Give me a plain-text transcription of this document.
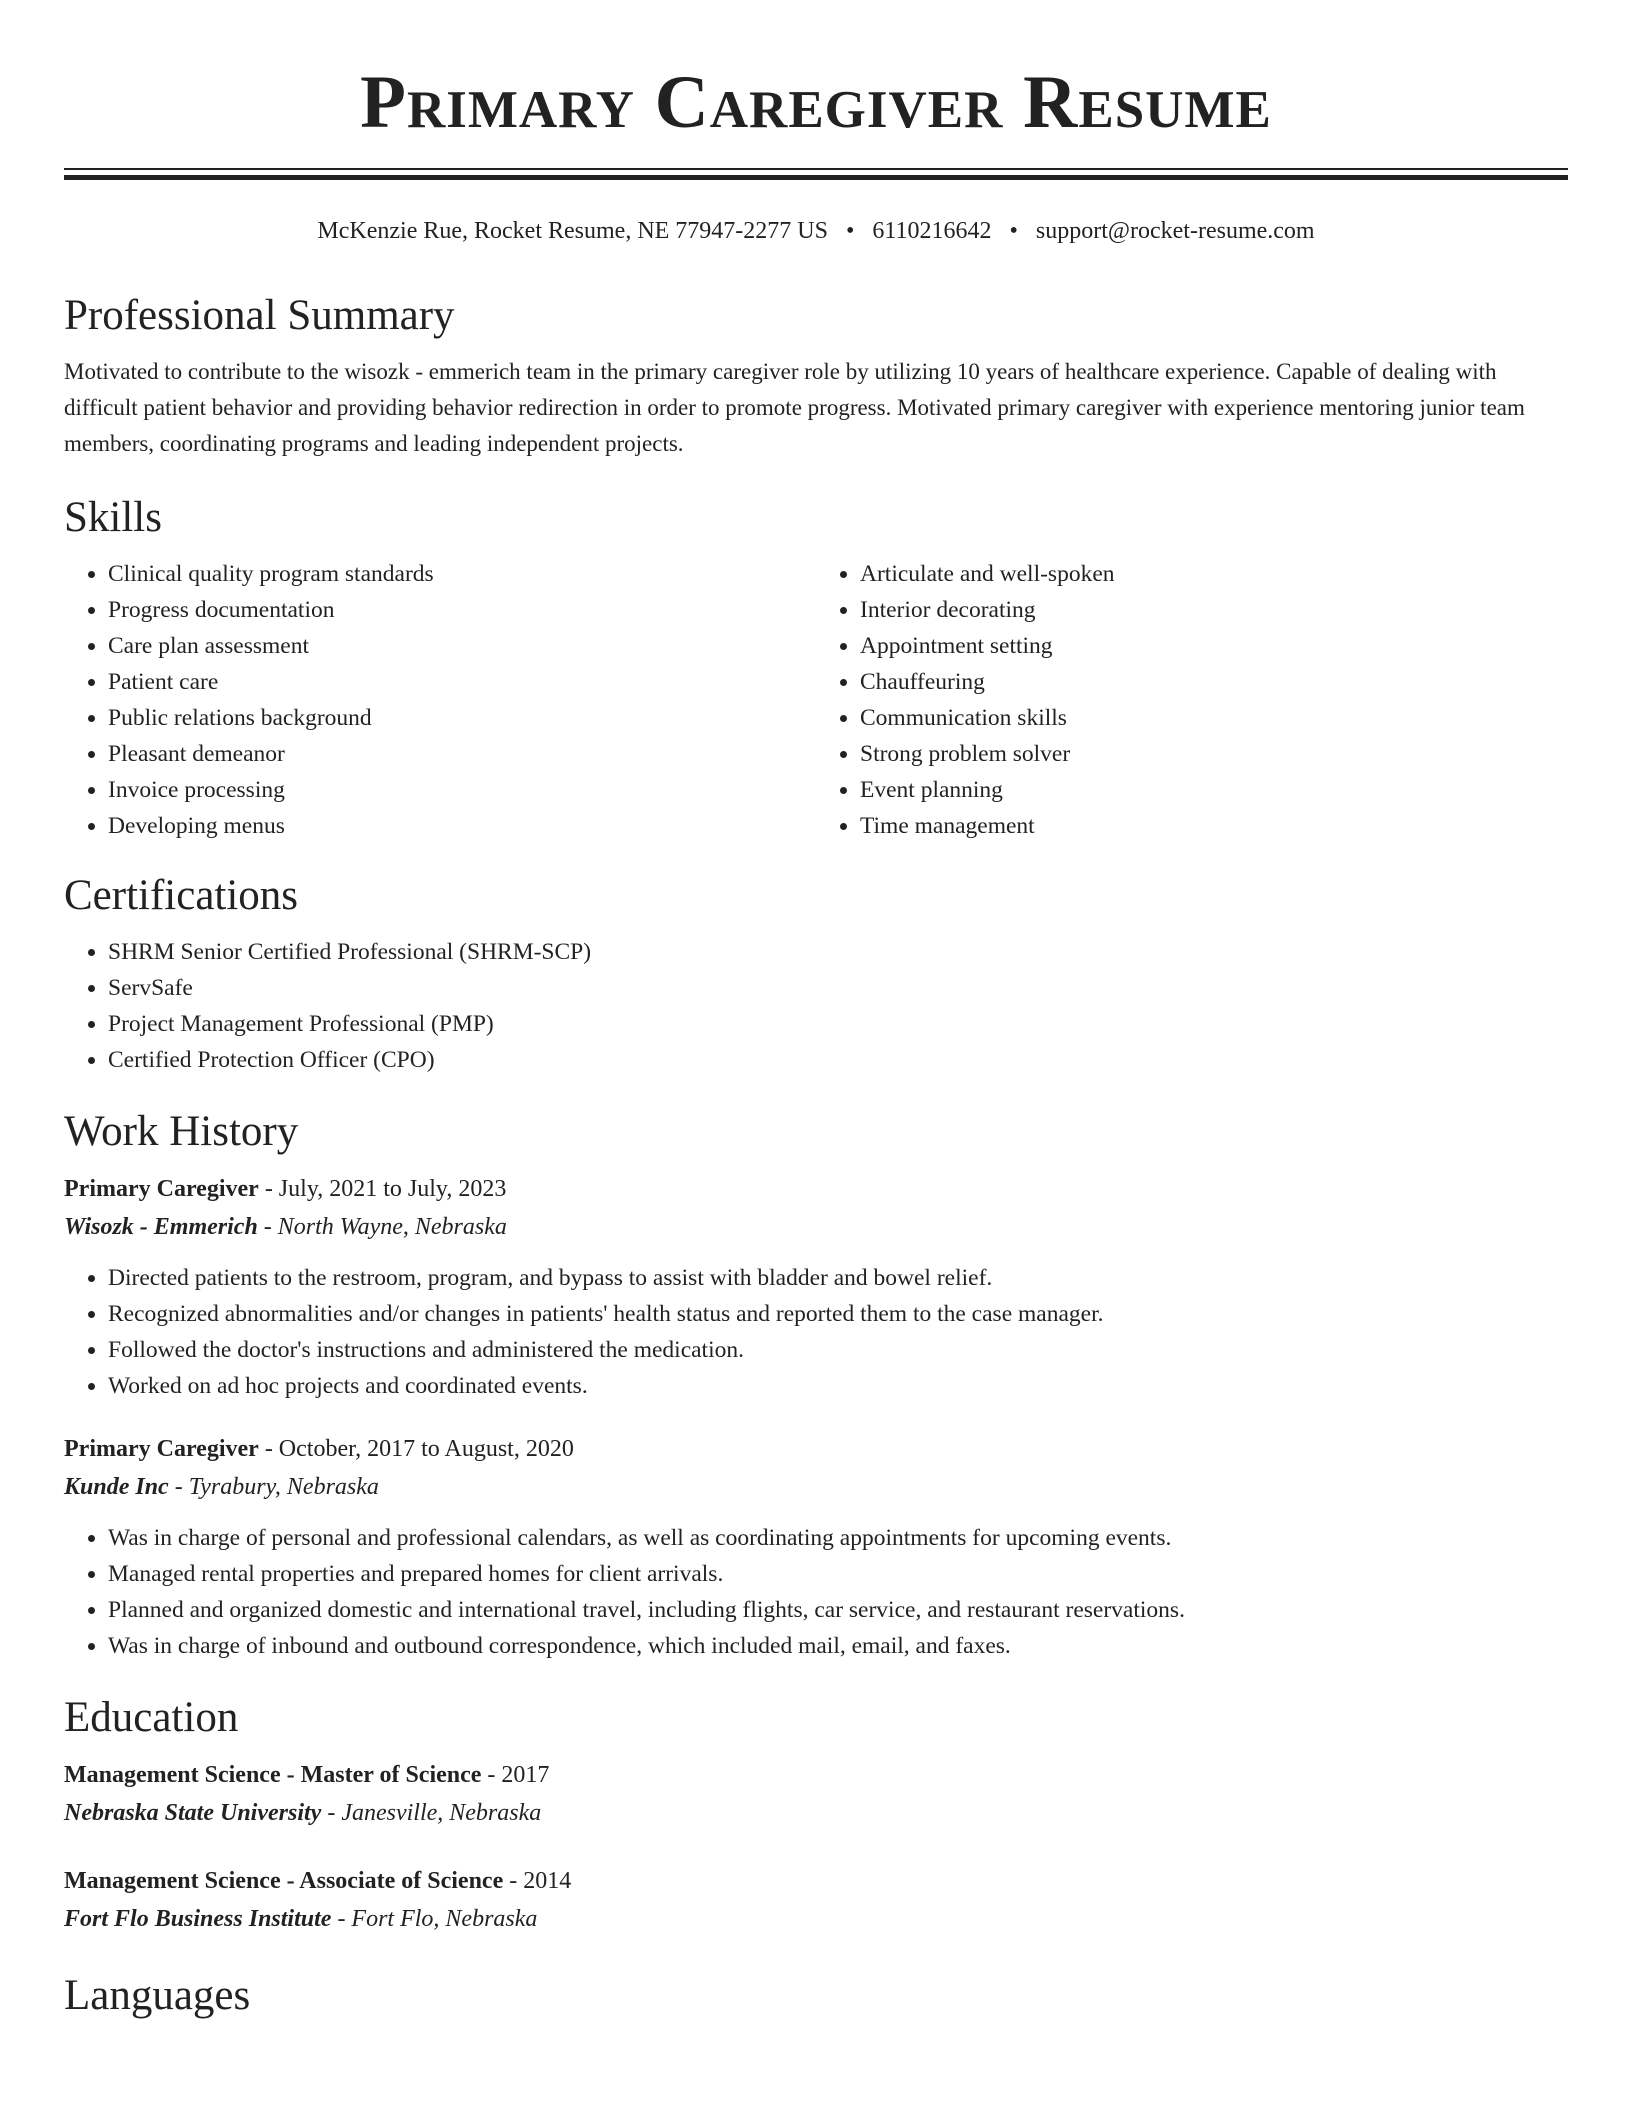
Primary Caregiver Resume
McKenzie Rue, Rocket Resume, NE 77947-2277 US • 6110216642 • support@rocket-resume.com
Professional Summary

Motivated to contribute to the wisozk - emmerich team in the primary caregiver role by utilizing 10 years of healthcare experience. Capable of dealing with difficult patient behavior and providing behavior redirection in order to promote progress. Motivated primary caregiver with experience mentoring junior team members, coordinating programs and leading independent projects.

Skills
• Clinical quality program standards
• Progress documentation
• Care plan assessment
• Patient care
• Public relations background
• Pleasant demeanor
• Invoice processing
• Developing menus
• Articulate and well-spoken
• Interior decorating
• Appointment setting
• Chauffeuring
• Communication skills
• Strong problem solver
• Event planning
• Time management
Certifications
• SHRM Senior Certified Professional (SHRM-SCP)
• ServSafe
• Project Management Professional (PMP)
• Certified Protection Officer (CPO)
Work History
Primary Caregiver - July, 2021 to July, 2023
Wisozk - Emmerich - North Wayne, Nebraska
• Directed patients to the restroom, program, and bypass to assist with bladder and bowel relief.
• Recognized abnormalities and/or changes in patients' health status and reported them to the case manager.
• Followed the doctor's instructions and administered the medication.
• Worked on ad hoc projects and coordinated events.
Primary Caregiver - October, 2017 to August, 2020
Kunde Inc - Tyrabury, Nebraska
• Was in charge of personal and professional calendars, as well as coordinating appointments for upcoming events.
• Managed rental properties and prepared homes for client arrivals.
• Planned and organized domestic and international travel, including flights, car service, and restaurant reservations.
• Was in charge of inbound and outbound correspondence, which included mail, email, and faxes.
Education
Management Science - Master of Science - 2017
Nebraska State University - Janesville, Nebraska
Management Science - Associate of Science - 2014
Fort Flo Business Institute - Fort Flo, Nebraska
Languages
